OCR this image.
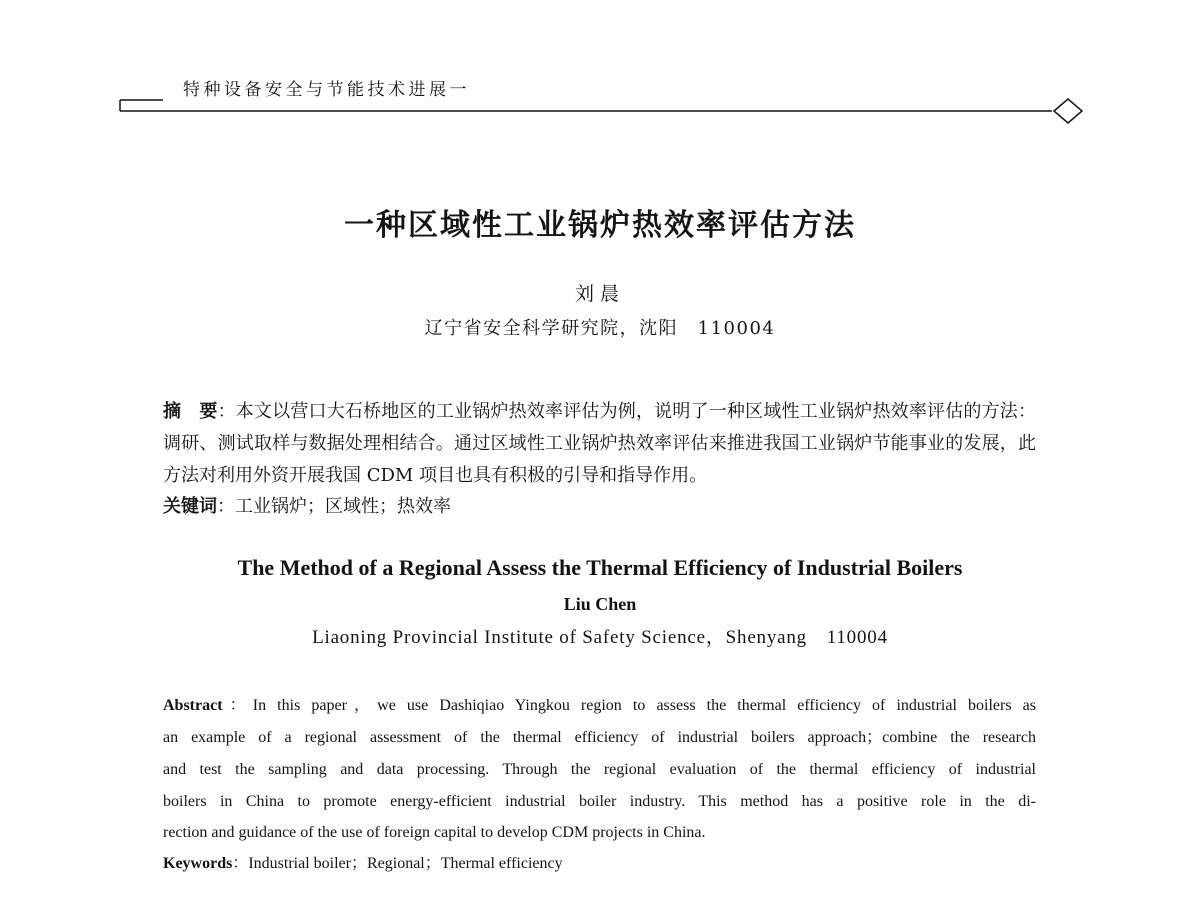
特种设备安全与节能技术进展一
一种区域性工业锅炉热效率评估方法
刘晨
辽宁省安全科学研究院，沈阳　110004
摘　要：本文以营口大石桥地区的工业锅炉热效率评估为例，说明了一种区域性工业锅炉热效率评估的方法：
调研、测试取样与数据处理相结合。通过区域性工业锅炉热效率评估来推进我国工业锅炉节能事业的发展，此
方法对利用外资开展我国 CDM 项目也具有积极的引导和指导作用。
关键词：工业锅炉；区域性；热效率
The Method of a Regional Assess the Thermal Efficiency of Industrial Boilers
Liu Chen
Liaoning Provincial Institute of Safety Science，Shenyang　110004
Abstract：In this paper，we use Dashiqiao Yingkou region to assess the thermal efficiency of industrial boilers as
an example of a regional assessment of the thermal efficiency of industrial boilers approach；combine the research
and test the sampling and data processing. Through the regional evaluation of the thermal efficiency of industrial
boilers in China to promote energy-efficient industrial boiler industry. This method has a positive role in the di-
rection and guidance of the use of foreign capital to develop CDM projects in China.
Keywords：Industrial boiler；Regional；Thermal efficiency
